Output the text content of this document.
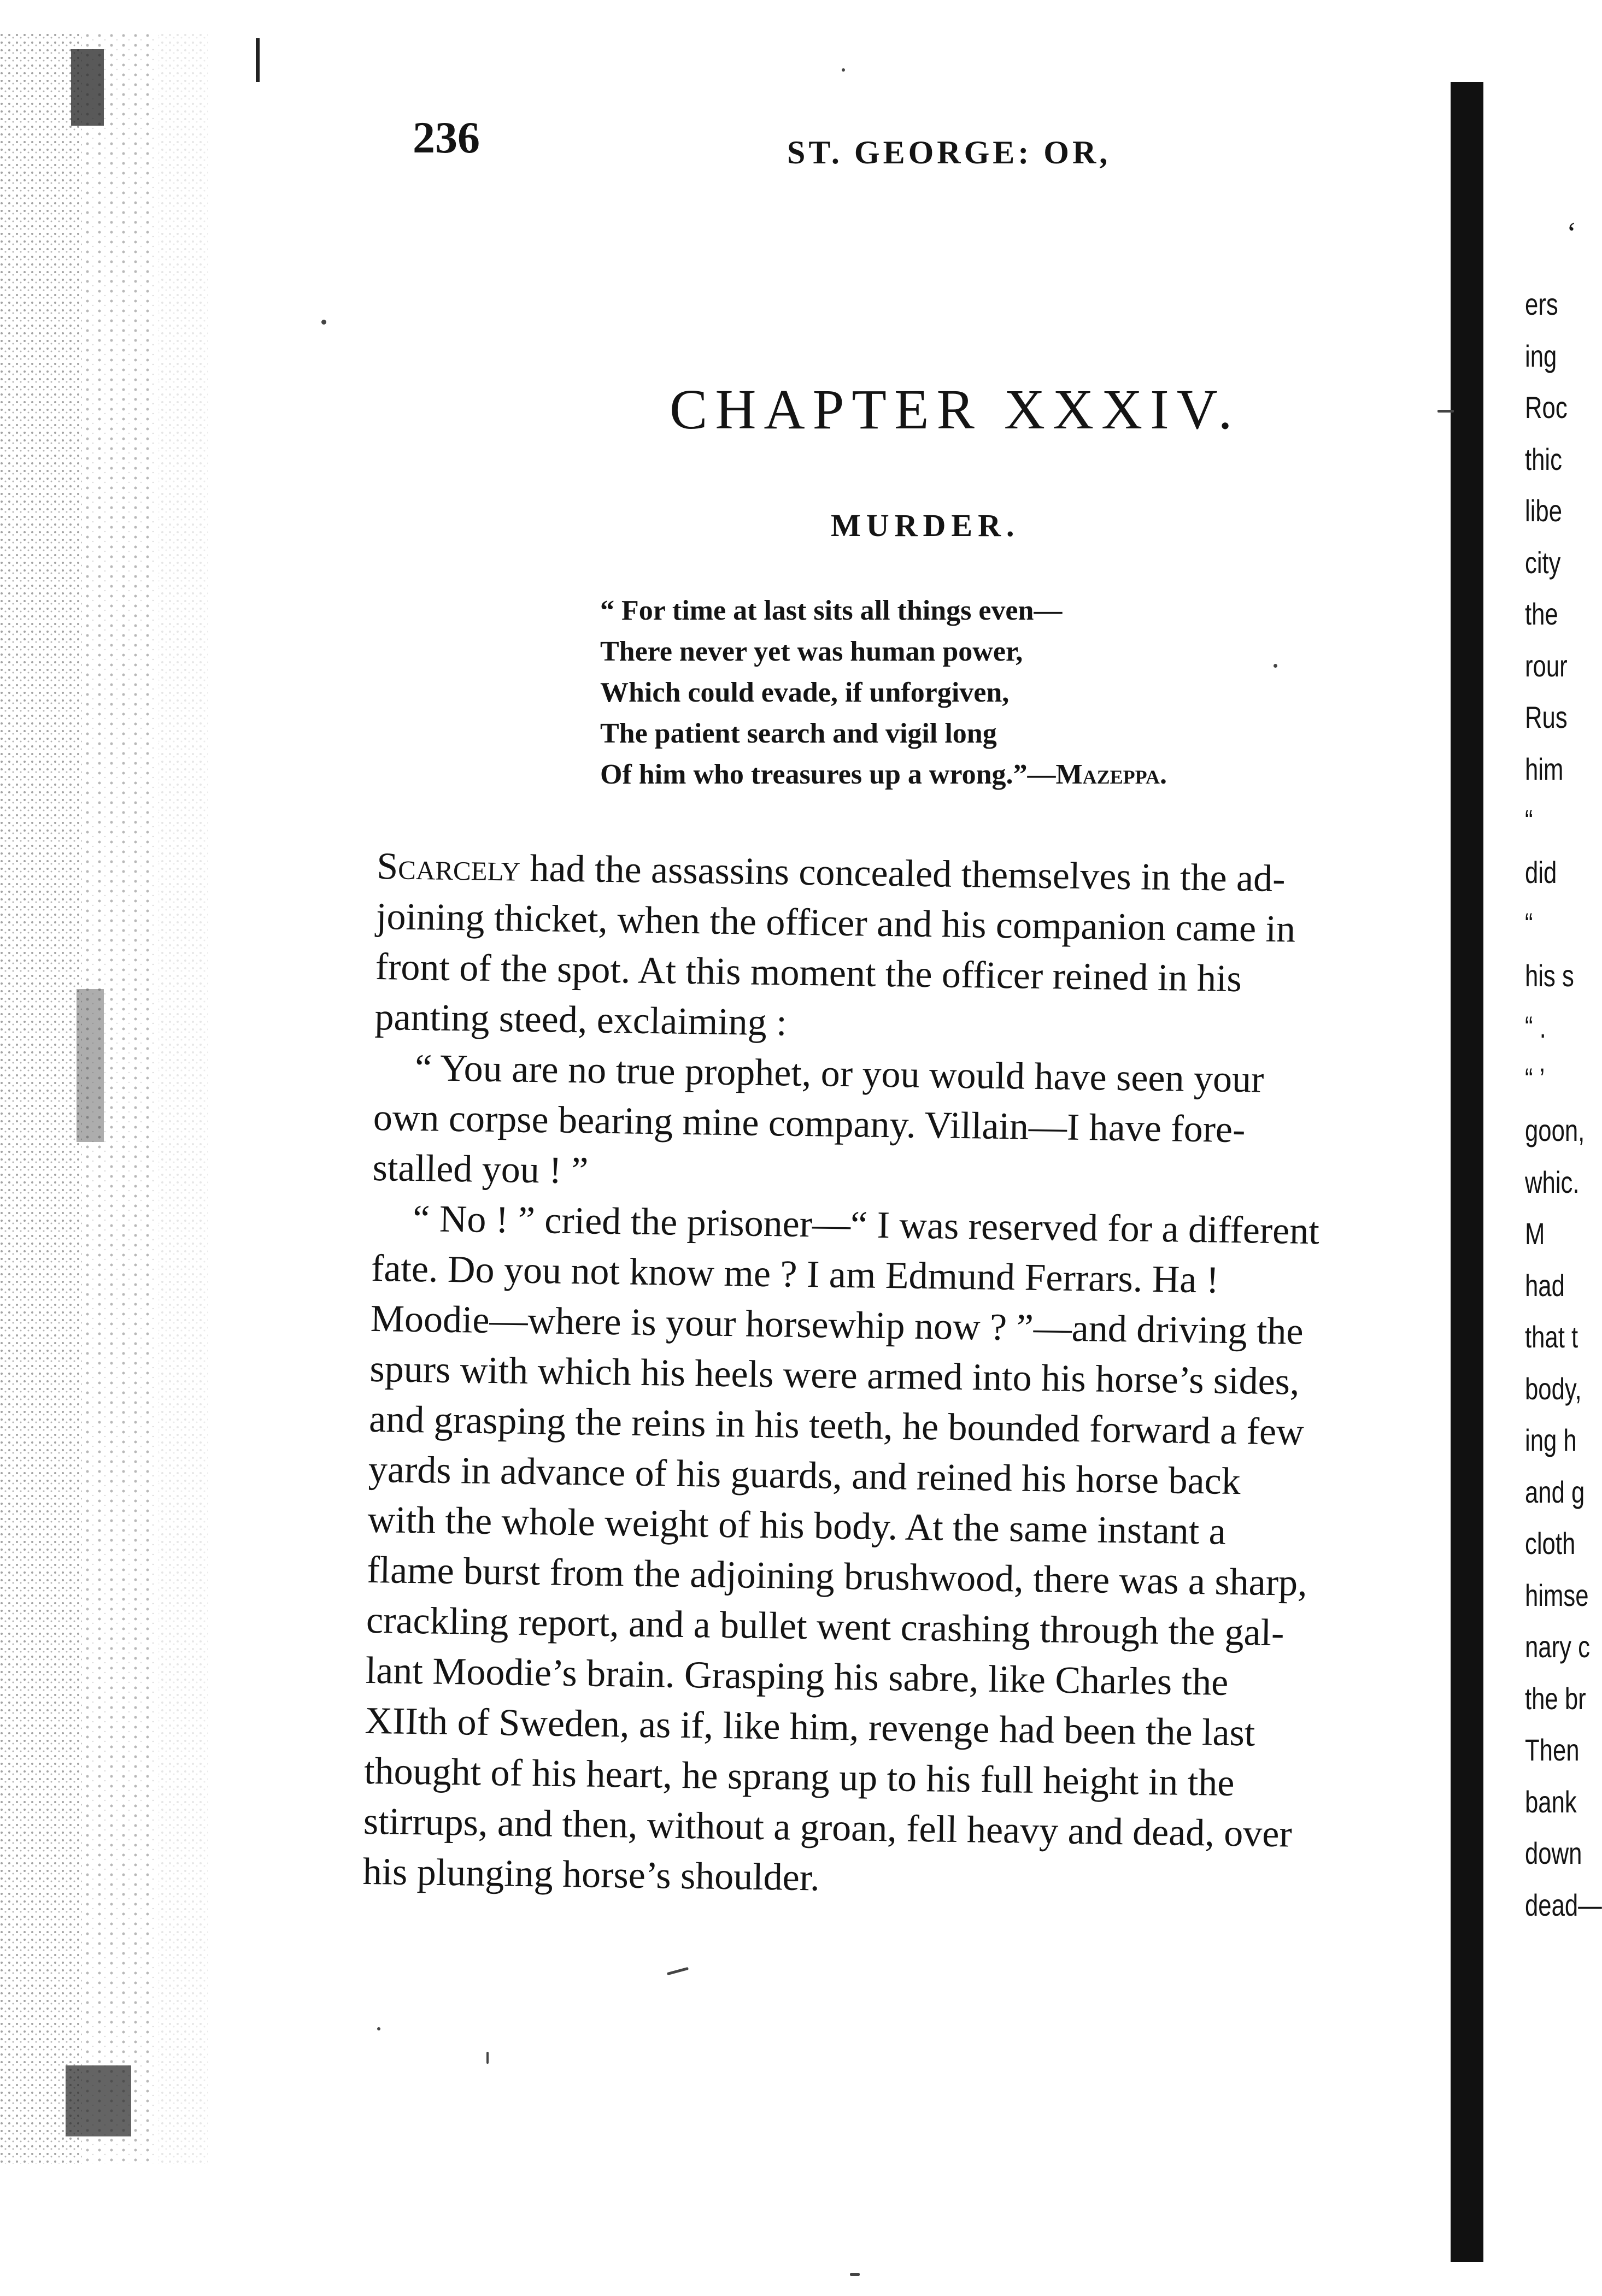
236	ST. GEORGE: OR,
CHAPTER XXXIV.
MURDER.
“ For time at last sits all things even—
There never yet was human power,
Which could evade, if unforgiven,
The patient search and vigil long
Of him who treasures up a wrong.”—Mazeppa.
Scarcely had the assassins concealed themselves in the ad-
joining thicket, when the officer and his companion came in
front of the spot. At this moment the officer reined in his
panting steed, exclaiming :
“ You are no true prophet, or you would have seen your
own corpse bearing mine company. Villain—I have fore-
stalled you ! ”
“ No ! ” cried the prisoner—“ I was reserved for a different
fate. Do you not know me ? I am Edmund Ferrars. Ha !
Moodie—where is your horsewhip now ? ”—and driving the
spurs with which his heels were armed into his horse’s sides,
and grasping the reins in his teeth, he bounded forward a few
yards in advance of his guards, and reined his horse back
with the whole weight of his body. At the same instant a
flame burst from the adjoining brushwood, there was a sharp,
crackling report, and a bullet went crashing through the gal-
lant Moodie’s brain. Grasping his sabre, like Charles the
XIIth of Sweden, as if, like him, revenge had been the last
thought of his heart, he sprang up to his full height in the
stirrups, and then, without a groan, fell heavy and dead, over
his plunging horse’s shoulder.
‘
ers
ing
Roc
thic
libe
city
the
rour
Rus
him
“
did
“
his s
“ .
“ ’
goon,
whic.
M
had
that t
body,
ing h
and g
cloth
himse
nary c
the br
Then
bank
down
dead—
